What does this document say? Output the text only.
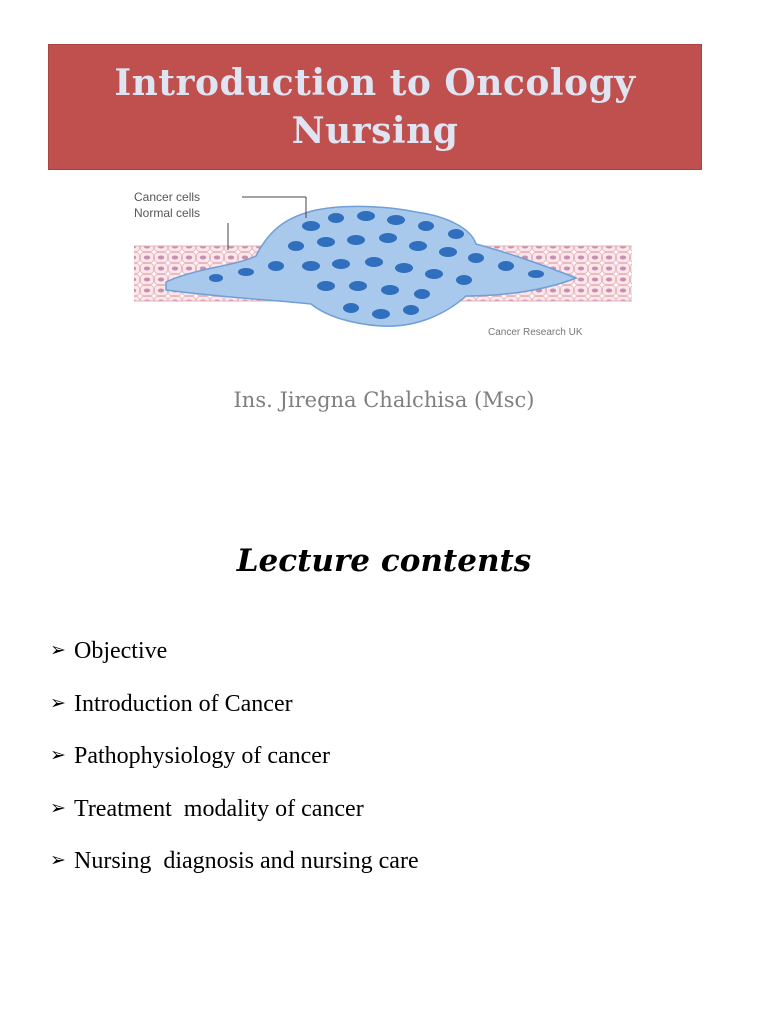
Introduction to Oncology
Nursing
Cancer cells
Normal cells
Cancer Research UK
Ins. Jiregna Chalchisa (Msc)
Lecture contents
➢ Objective
➢ Introduction of Cancer
➢ Pathophysiology of cancer
➢ Treatment  modality of cancer
➢ Nursing  diagnosis and nursing care
